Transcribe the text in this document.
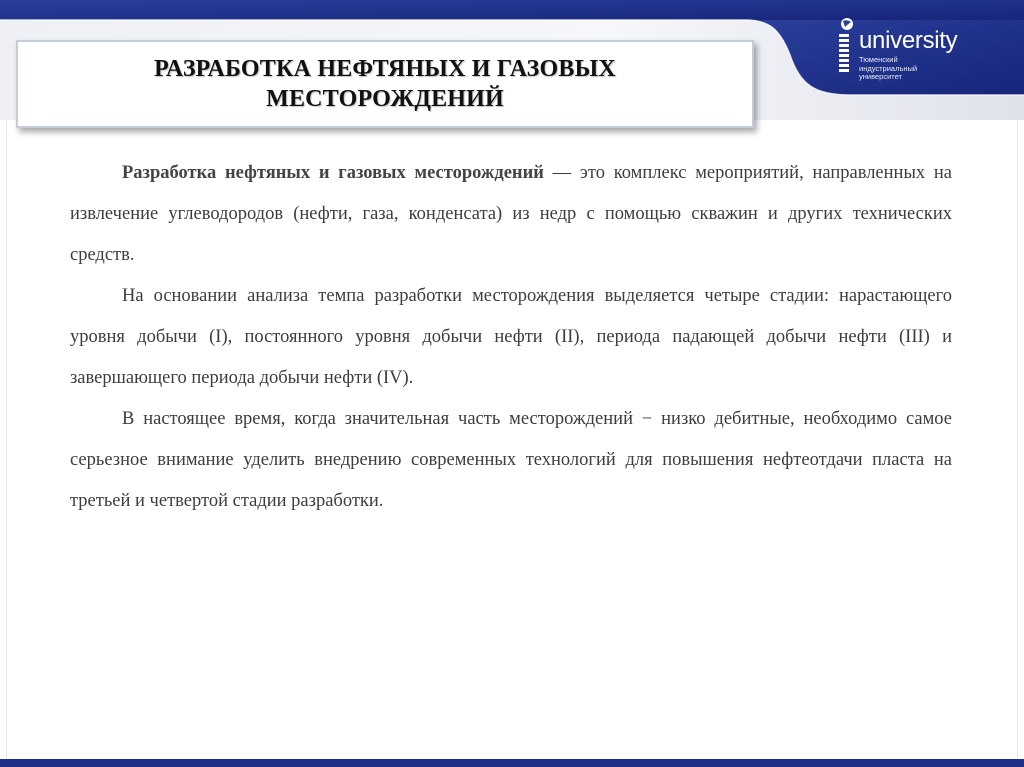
university
Тюменский
индустриальный
университет
РАЗРАБОТКА НЕФТЯНЫХ И ГАЗОВЫХ
МЕСТОРОЖДЕНИЙ

Разработка нефтяных и газовых месторождений — это комплекс мероприятий, направленных на извлечение углеводородов (нефти, газа, конденсата) из недр с помощью скважин и других технических средств.

На основании анализа темпа разработки месторождения выделяется четыре стадии: нарастающего уровня добычи (I), постоянного уровня добычи нефти (II), периода падающей добычи нефти (III) и завершающего периода добычи нефти (IV).

В настоящее время, когда значительная часть месторождений − низко дебитные, необходимо самое серьезное внимание уделить внедрению современных технологий для повышения нефтеотдачи пласта на третьей и четвертой стадии разработки.
